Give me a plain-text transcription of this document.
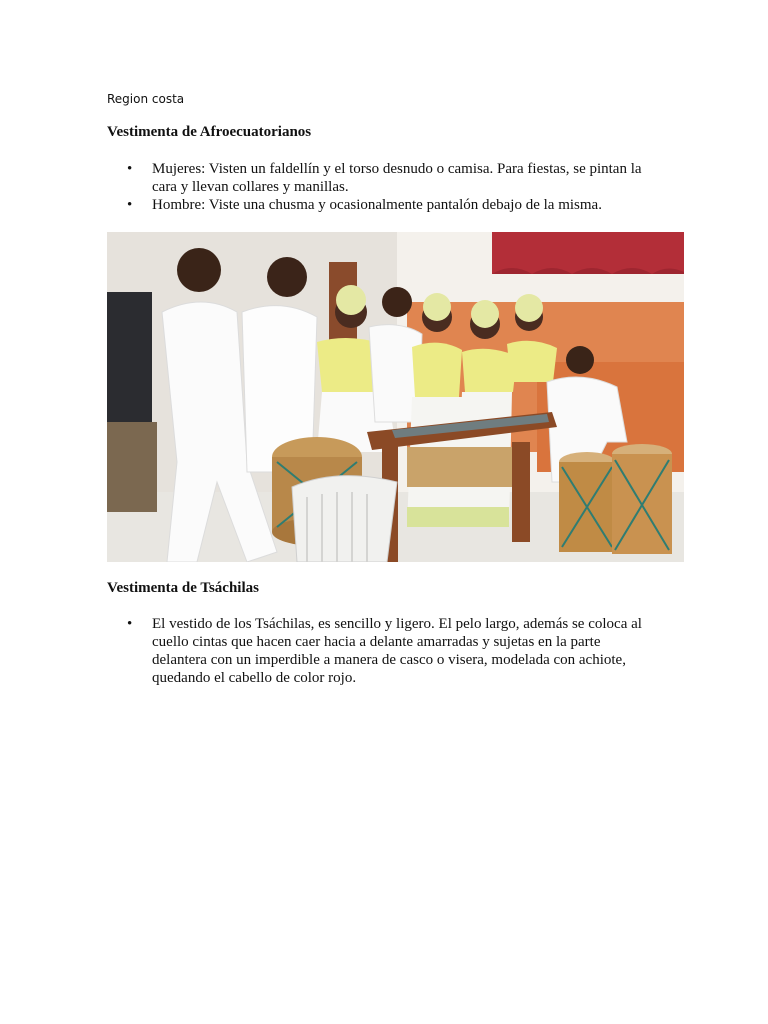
Region costa
Vestimenta de Afroecuatorianos
• Mujeres: Visten un faldellín y el torso desnudo o camisa. Para fiestas, se pintan la cara y llevan collares y manillas.
• Hombre: Viste una chusma y ocasionalmente pantalón debajo de la misma.
Vestimenta de Tsáchilas
• El vestido de los Tsáchilas, es sencillo y ligero. El pelo largo, además se coloca al cuello cintas que hacen caer hacia a delante amarradas y sujetas en la parte delantera con un imperdible a manera de casco o visera, modelada con achiote, quedando el cabello de color rojo.
